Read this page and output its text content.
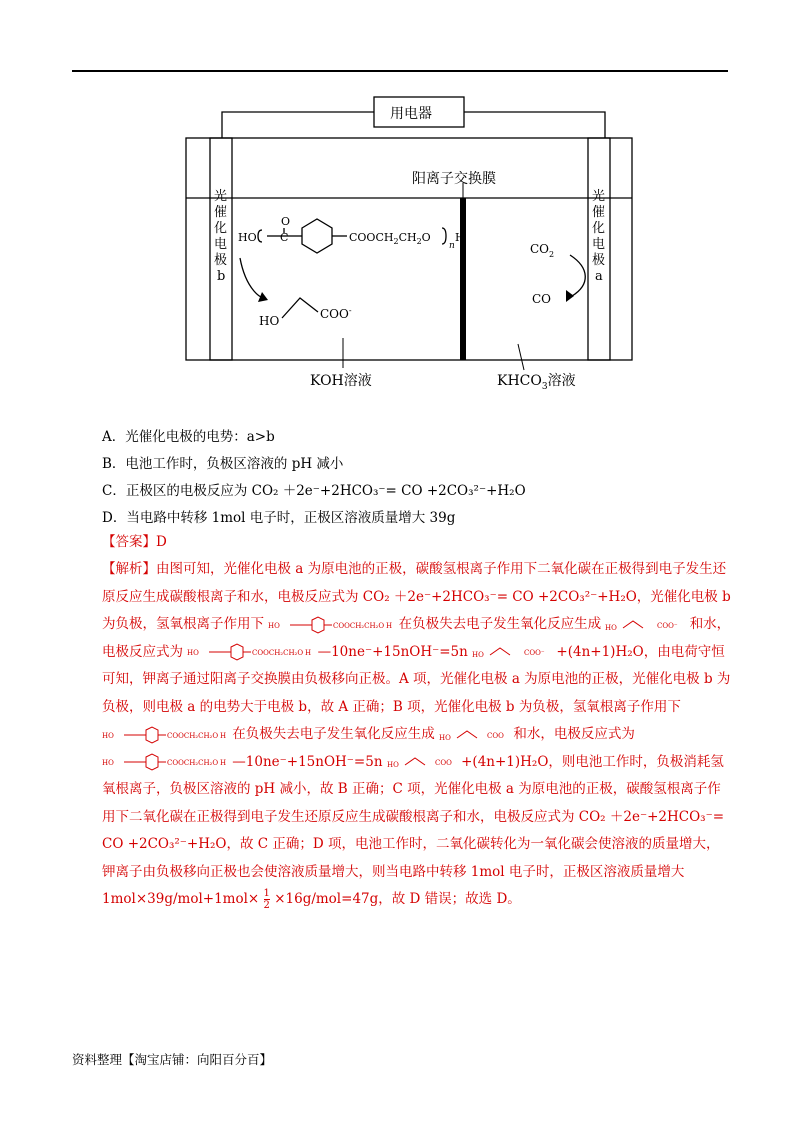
用电器
阳离子交换膜
光
催
化
电
极
b
光
催
化
电
极
a
HO
O
C	$COOCH_2CH_2O$
n
H
HO	COO-
$CO_2$
CO
KOH溶液	$KHCO_3$溶液
A．光催化电极的电势：a>b
B．电池工作时，负极区溶液的 pH 减小
C．正极区的电极反应为 CO₂ ＋2e⁻+2HCO₃⁻= CO +2CO₃²⁻+H₂O
D．当电路中转移 1mol 电子时，正极区溶液质量增大 39g
【答案】D

【解析】由图可知，光催化电极 a 为原电池的正极，碳酸氢根离子作用下二氧化碳在正极得到电子发生还原反应生成碳酸根离子和水，电极反应式为 CO₂ ＋2e⁻+2HCO₃⁻= CO +2CO₃²⁻+H₂O，光催化电极 b 为负极，氢氧根离子作用下 HO	COOCH₂CH₂O H 在负极失去电子发生氧化反应生成 HO	COO⁻ 和水，电极反应式为 HO	COOCH₂CH₂O H —10ne⁻+15nOH⁻=5n HO	COO⁻ +(4n+1)H₂O，由电荷守恒可知，钾离子通过阳离子交换膜由负极移向正极。A 项，光催化电极 a 为原电池的正极，光催化电极 b 为负极，则电极 a 的电势大于电极 b，故 A 正确；B 项，光催化电极 b 为负极，氢氧根离子作用下
HO	COOCH₂CH₂O H 在负极失去电子发生氧化反应生成 HO	COO 和水，电极反应式为
HO	COOCH₂CH₂O H —10ne⁻+15nOH⁻=5n HO	COO +(4n+1)H₂O，则电池工作时，负极消耗氢氧根离子，负极区溶液的 pH 减小，故 B 正确；C 项，光催化电极 a 为原电池的正极，碳酸氢根离子作用下二氧化碳在正极得到电子发生还原反应生成碳酸根离子和水，电极反应式为 CO₂ ＋2e⁻+2HCO₃⁻= CO +2CO₃²⁻+H₂O，故 C 正确；D 项，电池工作时，二氧化碳转化为一氧化碳会使溶液的质量增大，钾离子由负极移向正极也会使溶液质量增大，则当电路中转移 1mol 电子时，正极区溶液质量增大 $1mol\times 39g/mol+1mol\times \frac{1}{2} \times 16g/mol=47g$，故 D 错误；故选 D。

资料整理【淘宝店铺：向阳百分百】
